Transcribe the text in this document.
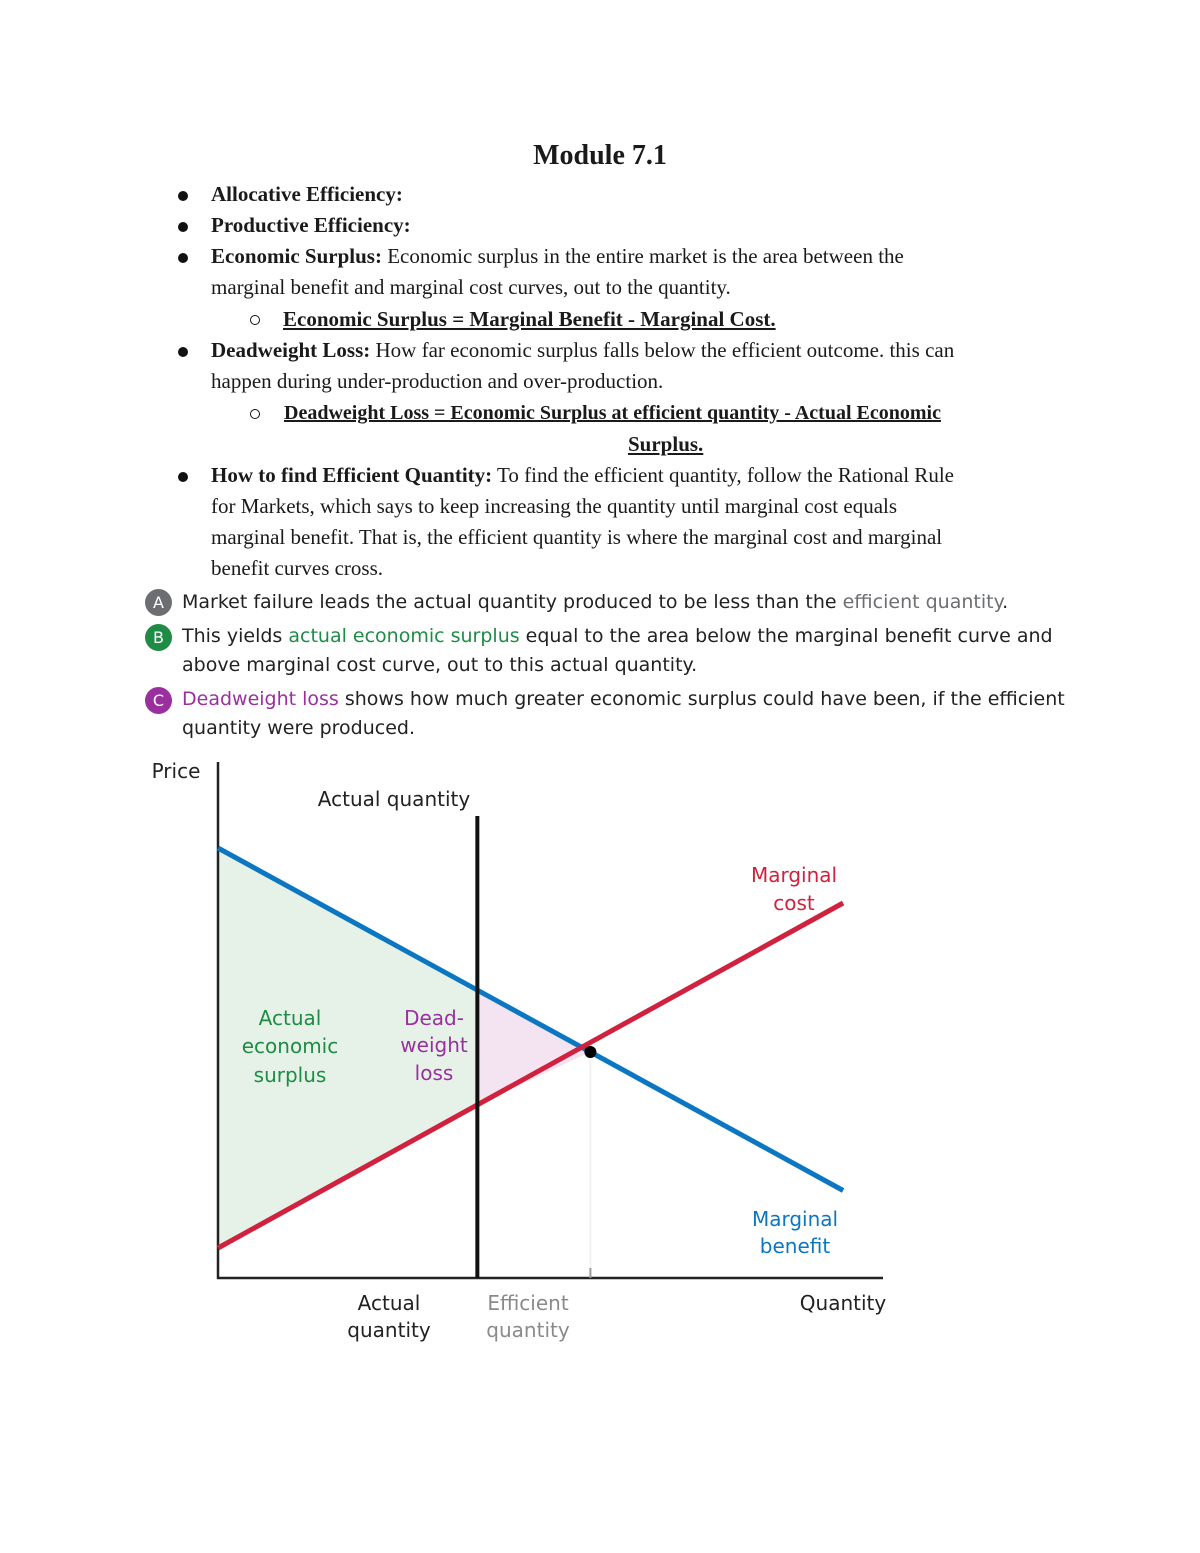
Module 7.1
Allocative Efficiency:
Productive Efficiency:
Economic Surplus: Economic surplus in the entire market is the area between the
marginal benefit and marginal cost curves, out to the quantity.
Economic Surplus = Marginal Benefit - Marginal Cost.
Deadweight Loss: How far economic surplus falls below the efficient outcome. this can
happen during under-production and over-production.
Deadweight Loss = Economic Surplus at efficient quantity - Actual Economic
Surplus.
How to find Efficient Quantity: To find the efficient quantity, follow the Rational Rule
for Markets, which says to keep increasing the quantity until marginal cost equals
marginal benefit. That is, the efficient quantity is where the marginal cost and marginal
benefit curves cross.
A Market failure leads the actual quantity produced to be less than the efficient quantity.
B This yields actual economic surplus equal to the area below the marginal benefit curve and
above marginal cost curve, out to this actual quantity.
C Deadweight loss shows how much greater economic surplus could have been, if the efficient
quantity were produced.
Price
Quantity
Actual quantity
Actual
quantity
Efficient
quantity
Actual
economic
surplus
Dead-
weight
loss
Marginal
cost
Marginal
benefit
